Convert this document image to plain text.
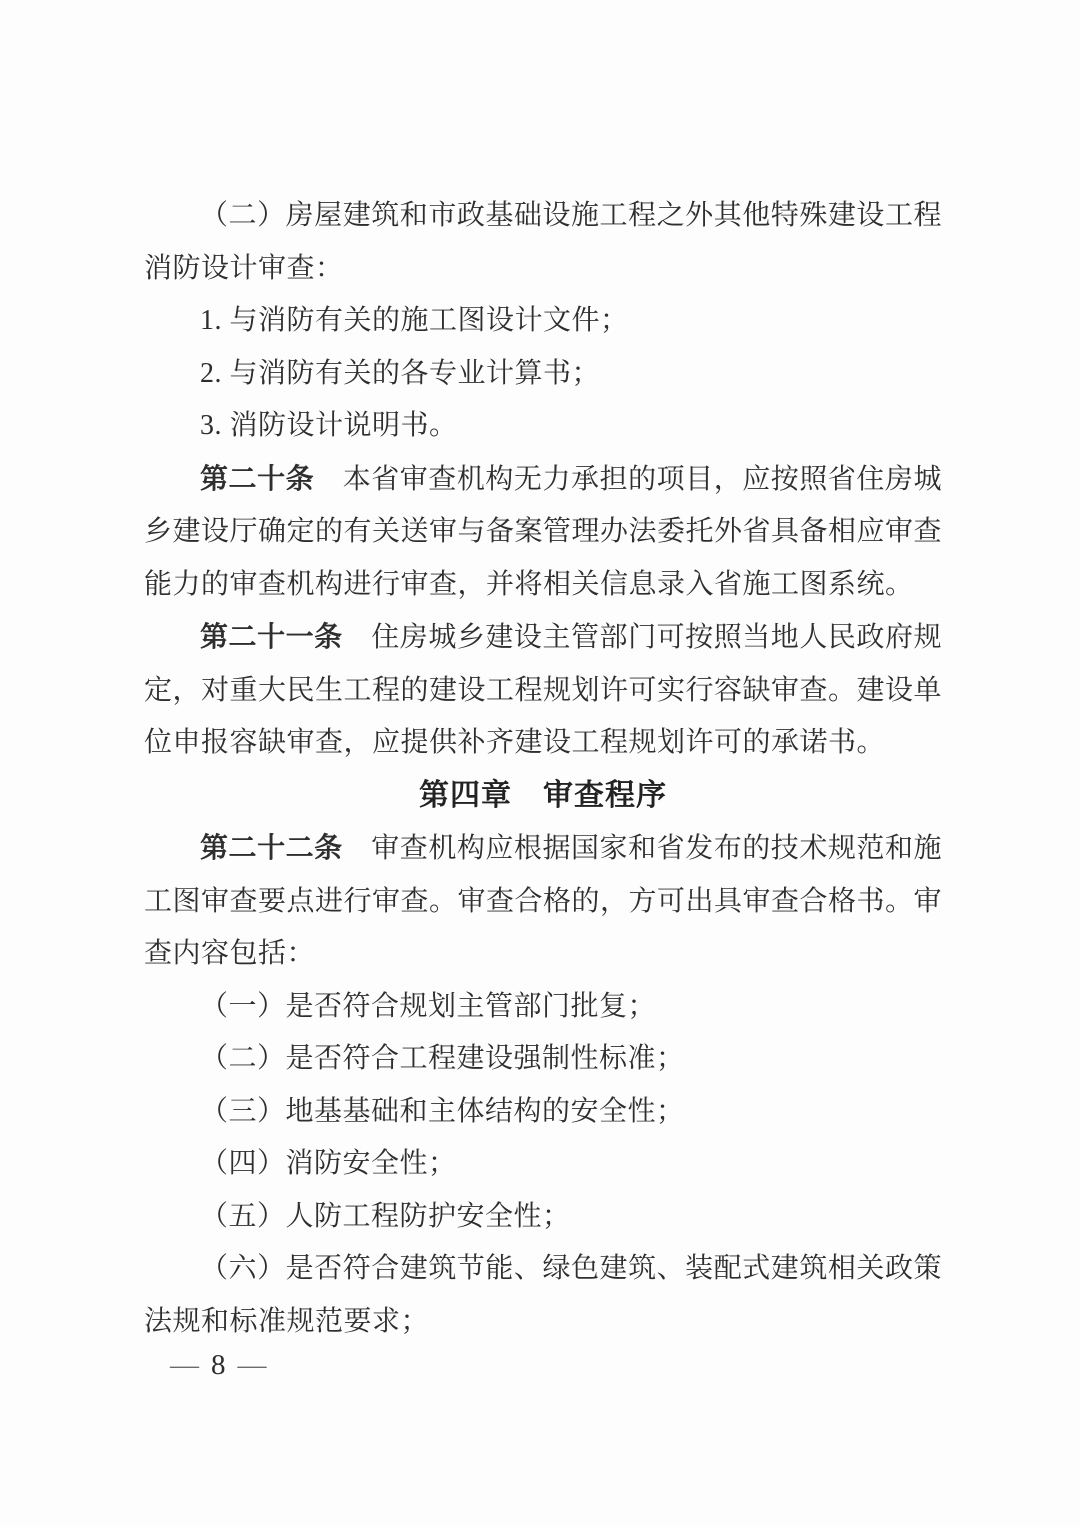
（二）房屋建筑和市政基础设施工程之外其他特殊建设工程消防设计审查：

1. 与消防有关的施工图设计文件；

2. 与消防有关的各专业计算书；

3. 消防设计说明书。

第二十条　本省审查机构无力承担的项目，应按照省住房城乡建设厅确定的有关送审与备案管理办法委托外省具备相应审查能力的审查机构进行审查，并将相关信息录入省施工图系统。

第二十一条　住房城乡建设主管部门可按照当地人民政府规定，对重大民生工程的建设工程规划许可实行容缺审查。建设单位申报容缺审查，应提供补齐建设工程规划许可的承诺书。

第四章　审查程序

第二十二条　审查机构应根据国家和省发布的技术规范和施工图审查要点进行审查。审查合格的，方可出具审查合格书。审查内容包括：

（一）是否符合规划主管部门批复；

（二）是否符合工程建设强制性标准；

（三）地基基础和主体结构的安全性；

（四）消防安全性；

（五）人防工程防护安全性；

（六）是否符合建筑节能、绿色建筑、装配式建筑相关政策法规和标准规范要求；

— 8 —
